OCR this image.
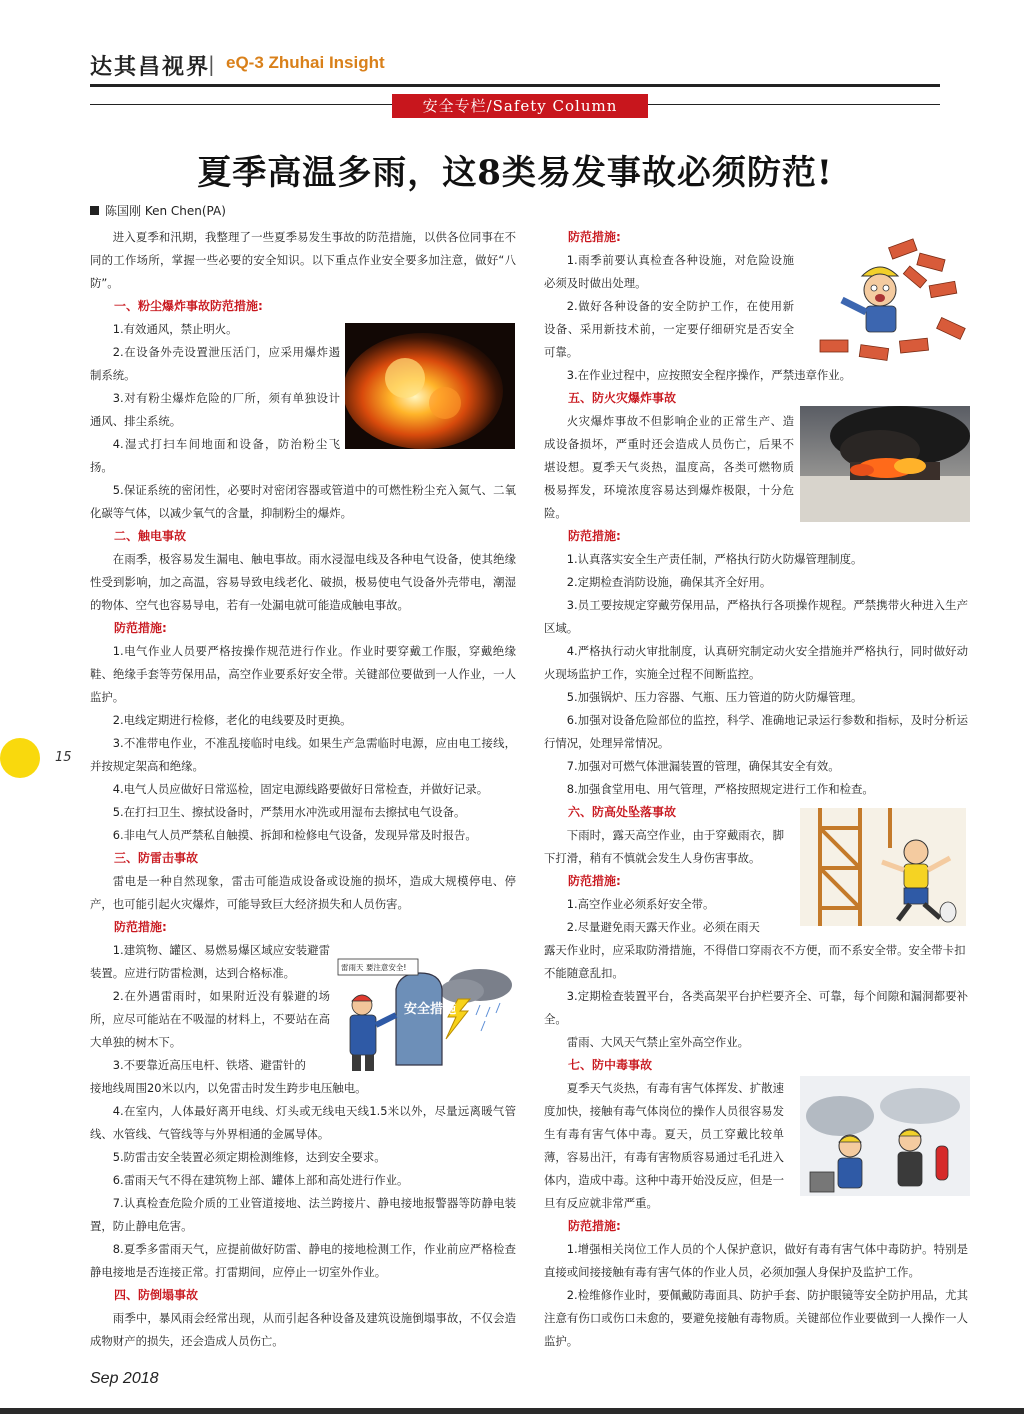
达其昌视界
| eQ-3 Zhuhai Insight
安全专栏/Safety Column
夏季高温多雨，这8类易发事故必须防范!
陈国刚 Ken Chen(PA)
进入夏季和汛期，我整理了一些夏季易发生事故的防范措施，以供各位同事在不同的工作场所，掌握一些必要的安全知识。以下重点作业安全要多加注意，做好“八防”。
一、粉尘爆炸事故防范措施:
1.有效通风，禁止明火。
2.在设备外壳设置泄压活门，应采用爆炸遏制系统。
3.对有粉尘爆炸危险的厂所，须有单独设计通风、排尘系统。
4.湿式打扫车间地面和设备，防治粉尘飞扬。
5.保证系统的密闭性，必要时对密闭容器或管道中的可燃性粉尘充入氮气、二氧化碳等气体，以减少氧气的含量，抑制粉尘的爆炸。
二、触电事故
在雨季，极容易发生漏电、触电事故。雨水浸湿电线及各种电气设备，使其绝缘性受到影响，加之高温，容易导致电线老化、破损，极易使电气设备外壳带电，潮湿的物体、空气也容易导电，若有一处漏电就可能造成触电事故。
防范措施:
1.电气作业人员要严格按操作规范进行作业。作业时要穿戴工作服，穿戴绝缘鞋、绝缘手套等劳保用品，高空作业要系好安全带。关键部位要做到一人作业，一人监护。
2.电线定期进行检修，老化的电线要及时更换。
3.不准带电作业，不准乱接临时电线。如果生产急需临时电源，应由电工接线，并按规定架高和绝缘。
4.电气人员应做好日常巡检，固定电源线路要做好日常检查，并做好记录。
5.在打扫卫生、擦拭设备时，严禁用水冲洗或用湿布去擦拭电气设备。
6.非电气人员严禁私自触摸、拆卸和检修电气设备，发现异常及时报告。
三、防雷击事故
雷电是一种自然现象，雷击可能造成设备或设施的损坏，造成大规模停电、停产，也可能引起火灾爆炸，可能导致巨大经济损失和人员伤害。
防范措施:
1.建筑物、罐区、易燃易爆区域应安装避雷装置。应进行防雷检测，达到合格标准。
2.在外遇雷雨时，如果附近没有躲避的场所，应尽可能站在不吸湿的材料上，不要站在高大单独的树木下。
3.不要靠近高压电杆、铁塔、避雷针的
接地线周围20米以内，以免雷击时发生跨步电压触电。
4.在室内，人体最好离开电线、灯头或无线电天线1.5米以外，尽量远离暖气管线、水管线、气管线等与外界相通的金属导体。
5.防雷击安全装置必须定期检测维修，达到安全要求。
6.雷雨天气不得在建筑物上部、罐体上部和高处进行作业。
7.认真检查危险介质的工业管道接地、法兰跨接片、静电接地报警器等防静电装置，防止静电危害。
8.夏季多雷雨天气，应提前做好防雷、静电的接地检测工作，作业前应严格检查静电接地是否连接正常。打雷期间，应停止一切室外作业。
四、防倒塌事故
雨季中，暴风雨会经常出现，从而引起各种设备及建筑设施倒塌事故，不仅会造成物财产的损失，还会造成人员伤亡。
防范措施:
1.雨季前要认真检查各种设施，对危险设施必须及时做出处理。
2.做好各种设备的安全防护工作，在使用新设备、采用新技术前，一定要仔细研究是否安全可靠。
3.在作业过程中，应按照安全程序操作，严禁违章作业。
五、防火灾爆炸事故
火灾爆炸事故不但影响企业的正常生产、造成设备损坏，严重时还会造成人员伤亡，后果不堪设想。夏季天气炎热，温度高，各类可燃物质极易挥发，环境浓度容易达到爆炸极限，十分危险。
防范措施:
1.认真落实安全生产责任制，严格执行防火防爆管理制度。
2.定期检查消防设施，确保其齐全好用。
3.员工要按规定穿戴劳保用品，严格执行各项操作规程。严禁携带火种进入生产区域。
4.严格执行动火审批制度，认真研究制定动火安全措施并严格执行，同时做好动火现场监护工作，实施全过程不间断监控。
5.加强锅炉、压力容器、气瓶、压力管道的防火防爆管理。
6.加强对设备危险部位的监控，科学、准确地记录运行参数和指标，及时分析运行情况，处理异常情况。
7.加强对可燃气体泄漏装置的管理，确保其安全有效。
8.加强食堂用电、用气管理，严格按照规定进行工作和检查。
六、防高处坠落事故
下雨时，露天高空作业，由于穿戴雨衣，脚下打滑，稍有不慎就会发生人身伤害事故。
防范措施:
1.高空作业必须系好安全带。
2.尽量避免雨天露天作业。必须在雨天
露天作业时，应采取防滑措施，不得借口穿雨衣不方便，而不系安全带。安全带卡扣不能随意乱扣。
3.定期检查装置平台，各类高架平台护栏要齐全、可靠，每个间隙和漏洞都要补全。
雷雨、大风天气禁止室外高空作业。
七、防中毒事故
夏季天气炎热，有毒有害气体挥发、扩散速度加快，接触有毒气体岗位的操作人员很容易发生有毒有害气体中毒。夏天，员工穿戴比较单薄，容易出汗，有毒有害物质容易通过毛孔进入体内，造成中毒。这种中毒开始没反应，但是一旦有反应就非常严重。
防范措施:
1.增强相关岗位工作人员的个人保护意识，做好有毒有害气体中毒防护。特别是直接或间接接触有毒有害气体的作业人员，必须加强人身保护及监护工作。
2.检维修作业时，要佩戴防毒面具、防护手套、防护眼镜等安全防护用品，尤其注意有伤口或伤口未愈的，要避免接触有毒物质。关键部位作业要做到一人操作一人监护。
安全措施
雷雨天 要注意安全!
15
Sep 2018
